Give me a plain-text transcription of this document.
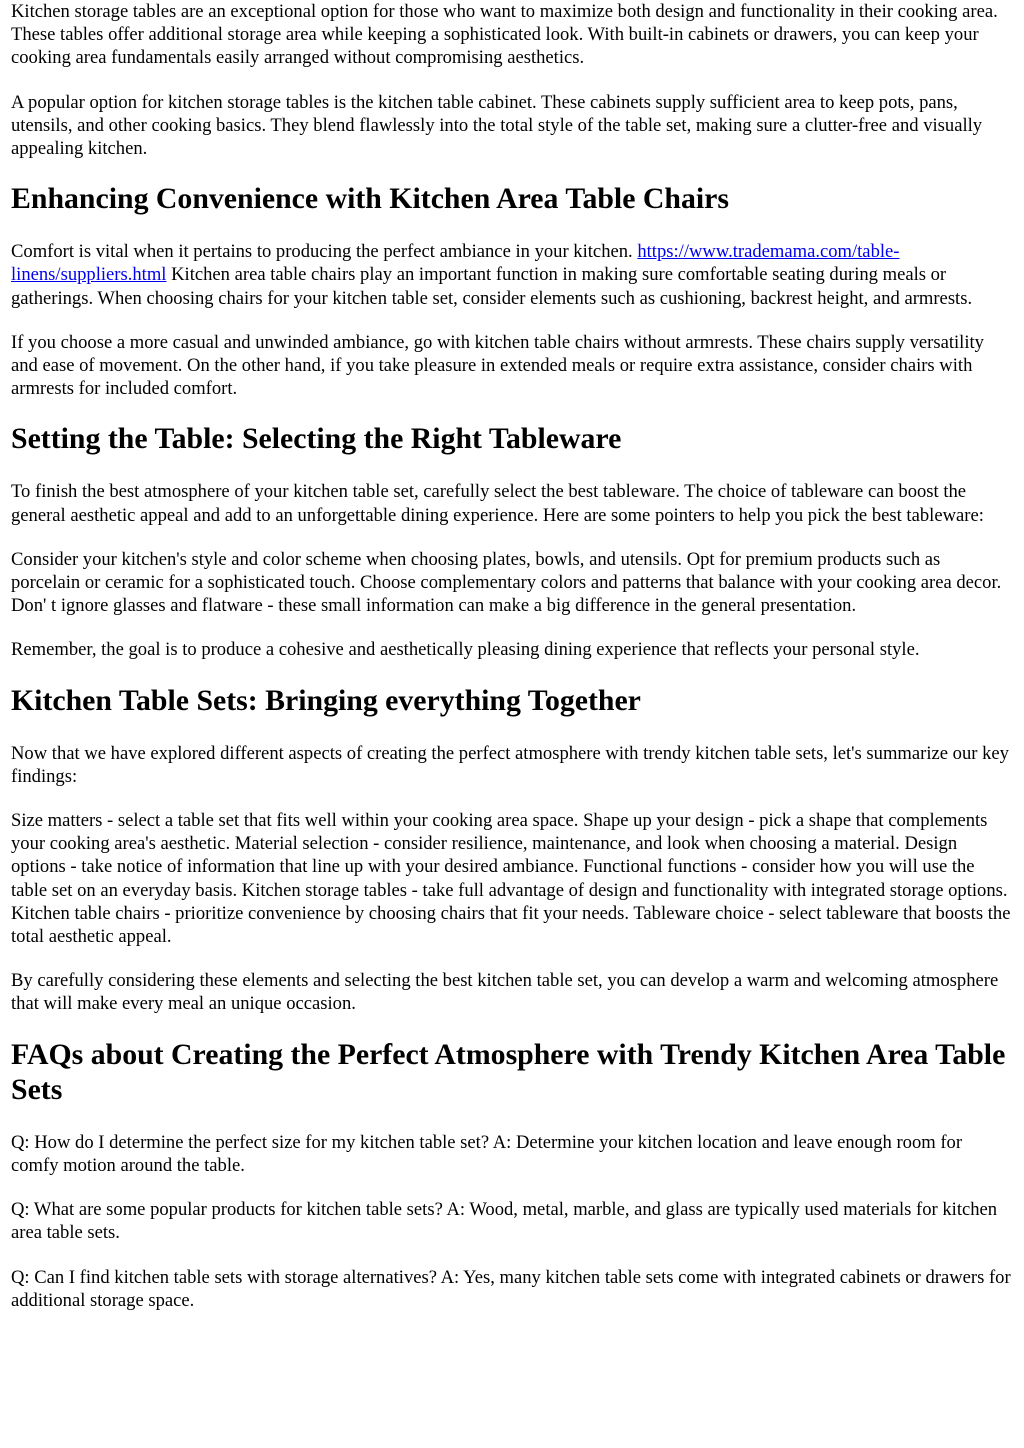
Kitchen storage tables are an exceptional option for those who want to maximize both design and functionality in their cooking area. These tables offer additional storage area while keeping a sophisticated look. With built-in cabinets or drawers, you can keep your cooking area fundamentals easily arranged without compromising aesthetics.

A popular option for kitchen storage tables is the kitchen table cabinet. These cabinets supply sufficient area to keep pots, pans, utensils, and other cooking basics. They blend flawlessly into the total style of the table set, making sure a clutter-free and visually appealing kitchen.

Enhancing Convenience with Kitchen Area Table Chairs

Comfort is vital when it pertains to producing the perfect ambiance in your kitchen. https://www.trademama.com/table-linens/suppliers.html Kitchen area table chairs play an important function in making sure comfortable seating during meals or gatherings. When choosing chairs for your kitchen table set, consider elements such as cushioning, backrest height, and armrests.

If you choose a more casual and unwinded ambiance, go with kitchen table chairs without armrests. These chairs supply versatility and ease of movement. On the other hand, if you take pleasure in extended meals or require extra assistance, consider chairs with armrests for included comfort.

Setting the Table: Selecting the Right Tableware

To finish the best atmosphere of your kitchen table set, carefully select the best tableware. The choice of tableware can boost the general aesthetic appeal and add to an unforgettable dining experience. Here are some pointers to help you pick the best tableware:

Consider your kitchen's style and color scheme when choosing plates, bowls, and utensils. Opt for premium products such as porcelain or ceramic for a sophisticated touch. Choose complementary colors and patterns that balance with your cooking area decor. Don' t ignore glasses and flatware - these small information can make a big difference in the general presentation.

Remember, the goal is to produce a cohesive and aesthetically pleasing dining experience that reflects your personal style.

Kitchen Table Sets: Bringing everything Together

Now that we have explored different aspects of creating the perfect atmosphere with trendy kitchen table sets, let's summarize our key findings:

Size matters - select a table set that fits well within your cooking area space. Shape up your design - pick a shape that complements your cooking area's aesthetic. Material selection - consider resilience, maintenance, and look when choosing a material. Design options - take notice of information that line up with your desired ambiance. Functional functions - consider how you will use the table set on an everyday basis. Kitchen storage tables - take full advantage of design and functionality with integrated storage options. Kitchen table chairs - prioritize convenience by choosing chairs that fit your needs. Tableware choice - select tableware that boosts the total aesthetic appeal.

By carefully considering these elements and selecting the best kitchen table set, you can develop a warm and welcoming atmosphere that will make every meal an unique occasion.

FAQs about Creating the Perfect Atmosphere with Trendy Kitchen Area Table Sets

Q: How do I determine the perfect size for my kitchen table set? A: Determine your kitchen location and leave enough room for comfy motion around the table.

Q: What are some popular products for kitchen table sets? A: Wood, metal, marble, and glass are typically used materials for kitchen area table sets.

Q: Can I find kitchen table sets with storage alternatives? A: Yes, many kitchen table sets come with integrated cabinets or drawers for additional storage space.
